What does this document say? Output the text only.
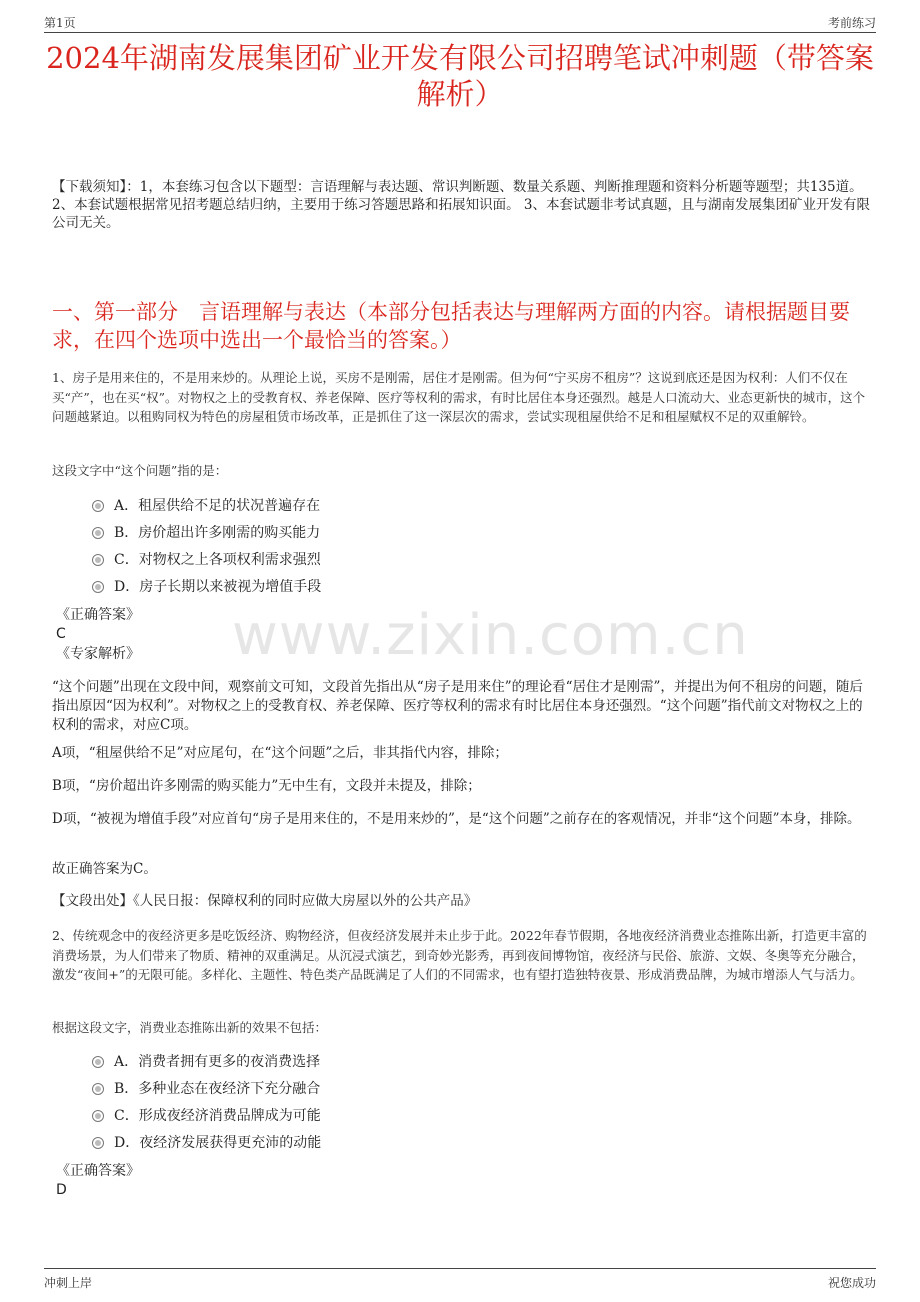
第1页	考前练习
2024年湖南发展集团矿业开发有限公司招聘笔试冲刺题（带答案解析）
【下载须知】：1，本套练习包含以下题型：言语理解与表达题、常识判断题、数量关系题、判断推理题和资料分析题等题型；共135道。 2、本套试题根据常见招考题总结归纳，主要用于练习答题思路和拓展知识面。 3、本套试题非考试真题，且与湖南发展集团矿业开发有限公司无关。
一、第一部分　言语理解与表达（本部分包括表达与理解两方面的内容。请根据题目要求，在四个选项中选出一个最恰当的答案。）
1、房子是用来住的，不是用来炒的。从理论上说，买房不是刚需，居住才是刚需。但为何“宁买房不租房”？这说到底还是因为权利：人们不仅在买“产”，也在买“权”。对物权之上的受教育权、养老保障、医疗等权利的需求，有时比居住本身还强烈。越是人口流动大、业态更新快的城市，这个问题越紧迫。以租购同权为特色的房屋租赁市场改革，正是抓住了这一深层次的需求，尝试实现租屋供给不足和租屋赋权不足的双重解铃。
这段文字中“这个问题”指的是：
A．租屋供给不足的状况普遍存在
B．房价超出许多刚需的购买能力
C．对物权之上各项权利需求强烈
D．房子长期以来被视为增值手段
《正确答案》
C
《专家解析》 www.zixin.com.cn
“这个问题”出现在文段中间，观察前文可知，文段首先指出从“房子是用来住”的理论看“居住才是刚需”，并提出为何不租房的问题，随后指出原因“因为权利”。对物权之上的受教育权、养老保障、医疗等权利的需求有时比居住本身还强烈。“这个问题”指代前文对物权之上的权利的需求，对应C项。
A项，“租屋供给不足”对应尾句，在“这个问题”之后，非其指代内容，排除；
B项，“房价超出许多刚需的购买能力”无中生有，文段并未提及，排除；
D项，“被视为增值手段”对应首句“房子是用来住的，不是用来炒的”，是“这个问题”之前存在的客观情况，并非“这个问题”本身，排除。
故正确答案为C。
【文段出处】《人民日报：保障权利的同时应做大房屋以外的公共产品》
2、传统观念中的夜经济更多是吃饭经济、购物经济，但夜经济发展并未止步于此。2022年春节假期，各地夜经济消费业态推陈出新，打造更丰富的消费场景，为人们带来了物质、精神的双重满足。从沉浸式演艺，到奇妙光影秀，再到夜间博物馆，夜经济与民俗、旅游、文娱、冬奥等充分融合，激发“夜间+”的无限可能。多样化、主题性、特色类产品既满足了人们的不同需求，也有望打造独特夜景、形成消费品牌，为城市增添人气与活力。
根据这段文字，消费业态推陈出新的效果不包括：
A．消费者拥有更多的夜消费选择
B．多种业态在夜经济下充分融合
C．形成夜经济消费品牌成为可能
D．夜经济发展获得更充沛的动能
《正确答案》
D
冲刺上岸	祝您成功
